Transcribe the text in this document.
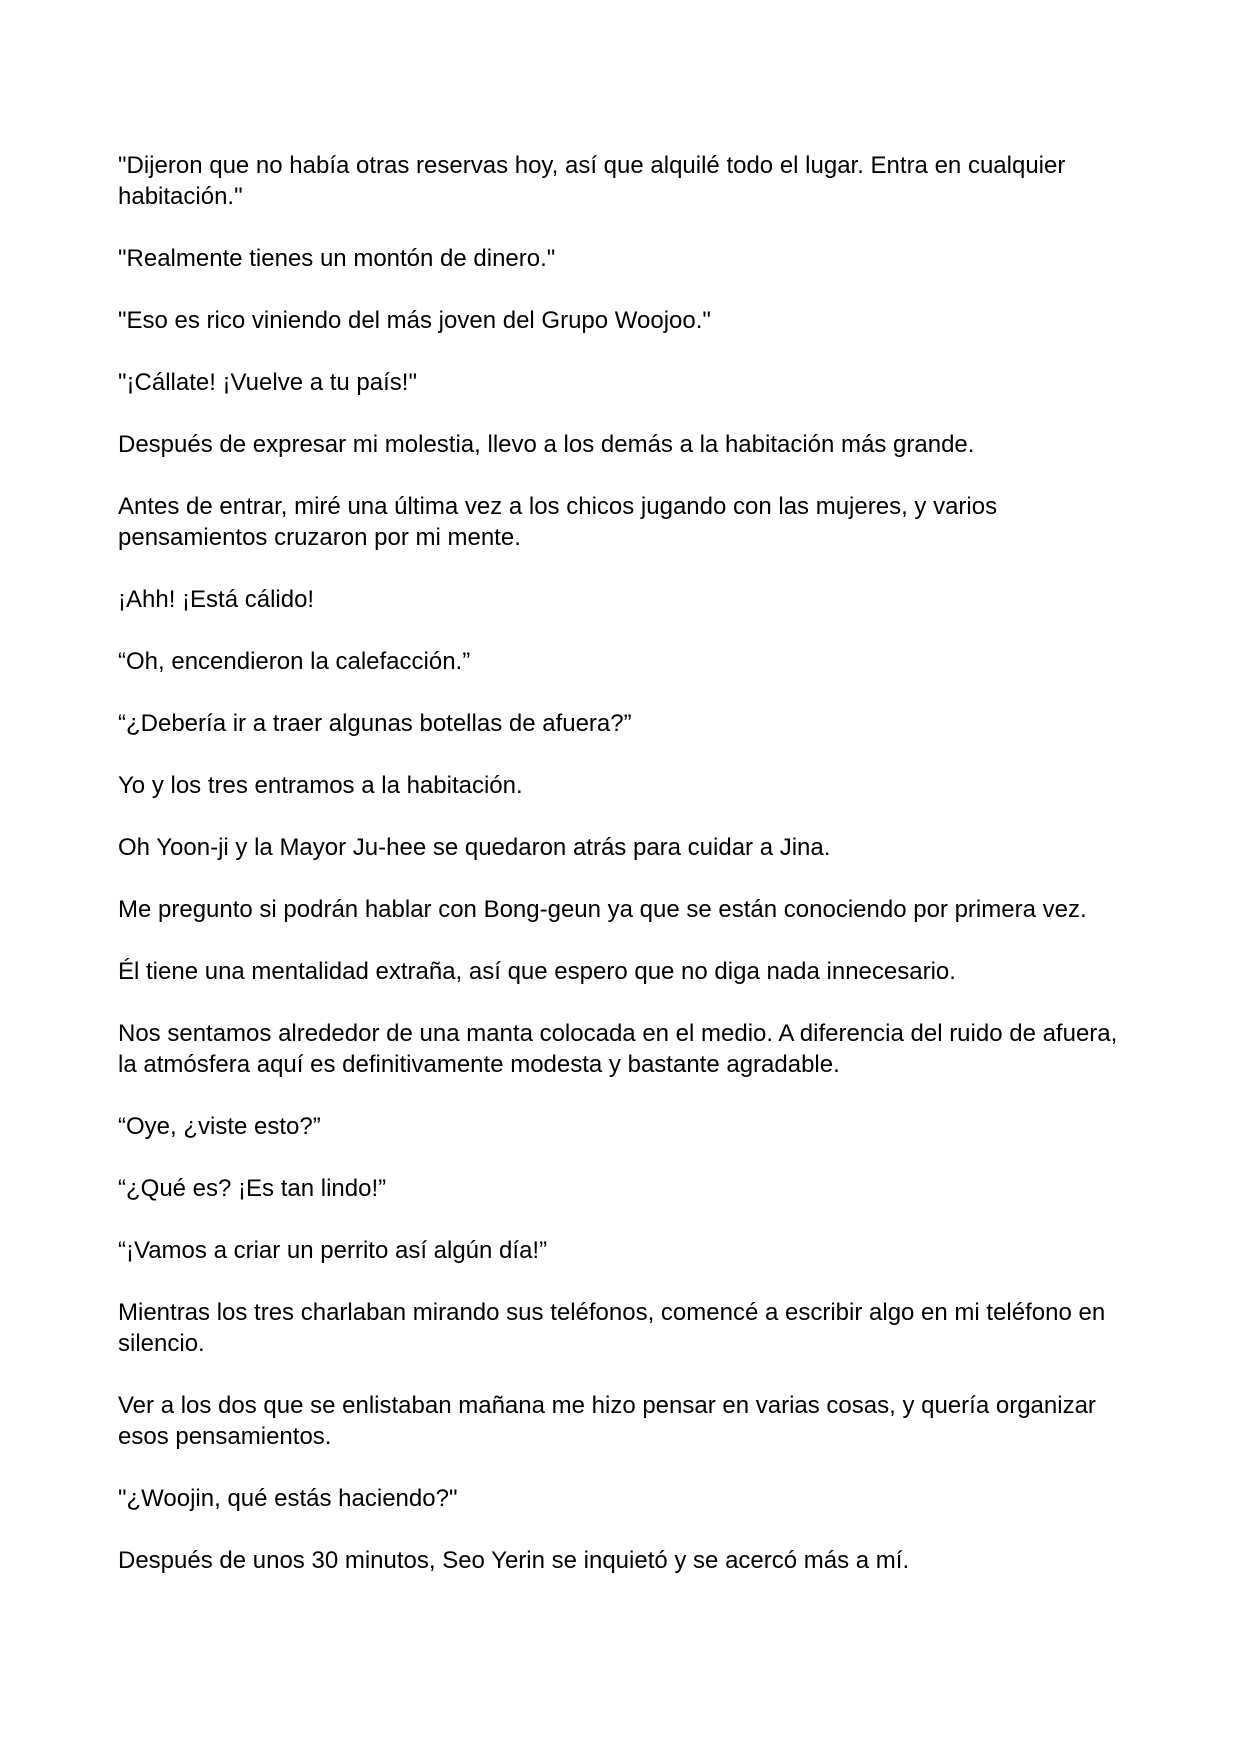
"Dijeron que no había otras reservas hoy, así que alquilé todo el lugar. Entra en cualquier habitación."

"Realmente tienes un montón de dinero."

"Eso es rico viniendo del más joven del Grupo Woojoo."

"¡Cállate! ¡Vuelve a tu país!"

Después de expresar mi molestia, llevo a los demás a la habitación más grande.

Antes de entrar, miré una última vez a los chicos jugando con las mujeres, y varios pensamientos cruzaron por mi mente.

¡Ahh! ¡Está cálido!

“Oh, encendieron la calefacción.”

“¿Debería ir a traer algunas botellas de afuera?”

Yo y los tres entramos a la habitación.

Oh Yoon-ji y la Mayor Ju-hee se quedaron atrás para cuidar a Jina.

Me pregunto si podrán hablar con Bong-geun ya que se están conociendo por primera vez.

Él tiene una mentalidad extraña, así que espero que no diga nada innecesario.

Nos sentamos alrededor de una manta colocada en el medio. A diferencia del ruido de afuera, la atmósfera aquí es definitivamente modesta y bastante agradable.

“Oye, ¿viste esto?”

“¿Qué es? ¡Es tan lindo!”

“¡Vamos a criar un perrito así algún día!”

Mientras los tres charlaban mirando sus teléfonos, comencé a escribir algo en mi teléfono en silencio.

Ver a los dos que se enlistaban mañana me hizo pensar en varias cosas, y quería organizar esos pensamientos.

"¿Woojin, qué estás haciendo?"

Después de unos 30 minutos, Seo Yerin se inquietó y se acercó más a mí.
